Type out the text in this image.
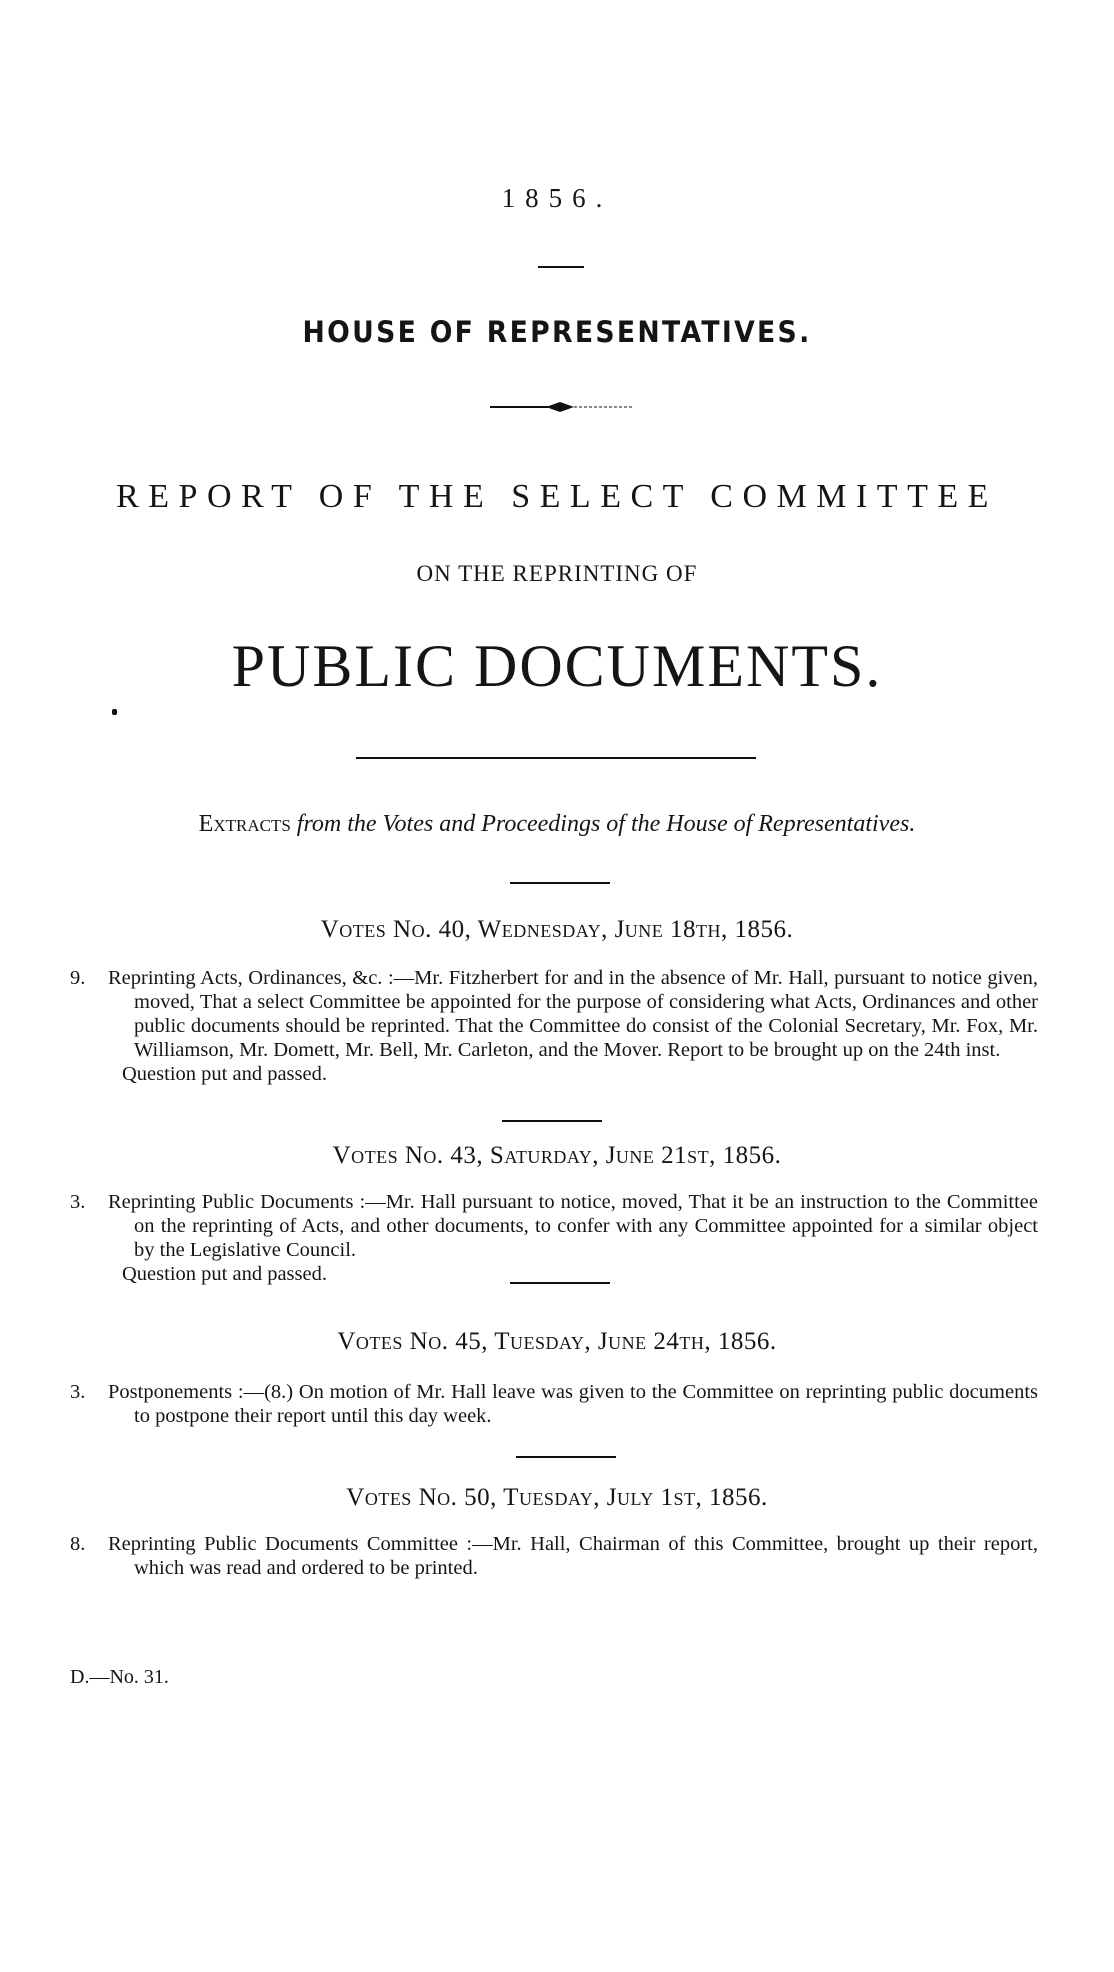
1856.
HOUSE OF REPRESENTATIVES.
REPORT OF THE SELECT COMMITTEE
ON THE REPRINTING OF
PUBLIC DOCUMENTS.
Extracts from the Votes and Proceedings of the House of Representatives.
Votes No. 40, Wednesday, June 18th, 1856.
9.	Reprinting Acts, Ordinances, &c. :—Mr. Fitzherbert for and in the absence of Mr. Hall, pursuant to notice given, moved, That a select Committee be appointed for the purpose of considering what Acts, Ordinances and other public documents should be reprinted. That the Committee do consist of the Colonial Secretary, Mr. Fox, Mr. Williamson, Mr. Domett, Mr. Bell, Mr. Carleton, and the Mover. Report to be brought up on the 24th inst.

Question put and passed.

Votes No. 43, Saturday, June 21st, 1856.
3.	Reprinting Public Documents :—Mr. Hall pursuant to notice, moved, That it be an instruction to the Committee on the reprinting of Acts, and other documents, to confer with any Committee appointed for a similar object by the Legislative Council.

Question put and passed.

Votes No. 45, Tuesday, June 24th, 1856.
3.	Postponements :—(8.) On motion of Mr. Hall leave was given to the Committee on reprinting public documents to postpone their report until this day week.

Votes No. 50, Tuesday, July 1st, 1856.
8.	Reprinting Public Documents Committee :—Mr. Hall, Chairman of this Committee, brought up their report, which was read and ordered to be printed.

D.—No. 31.
